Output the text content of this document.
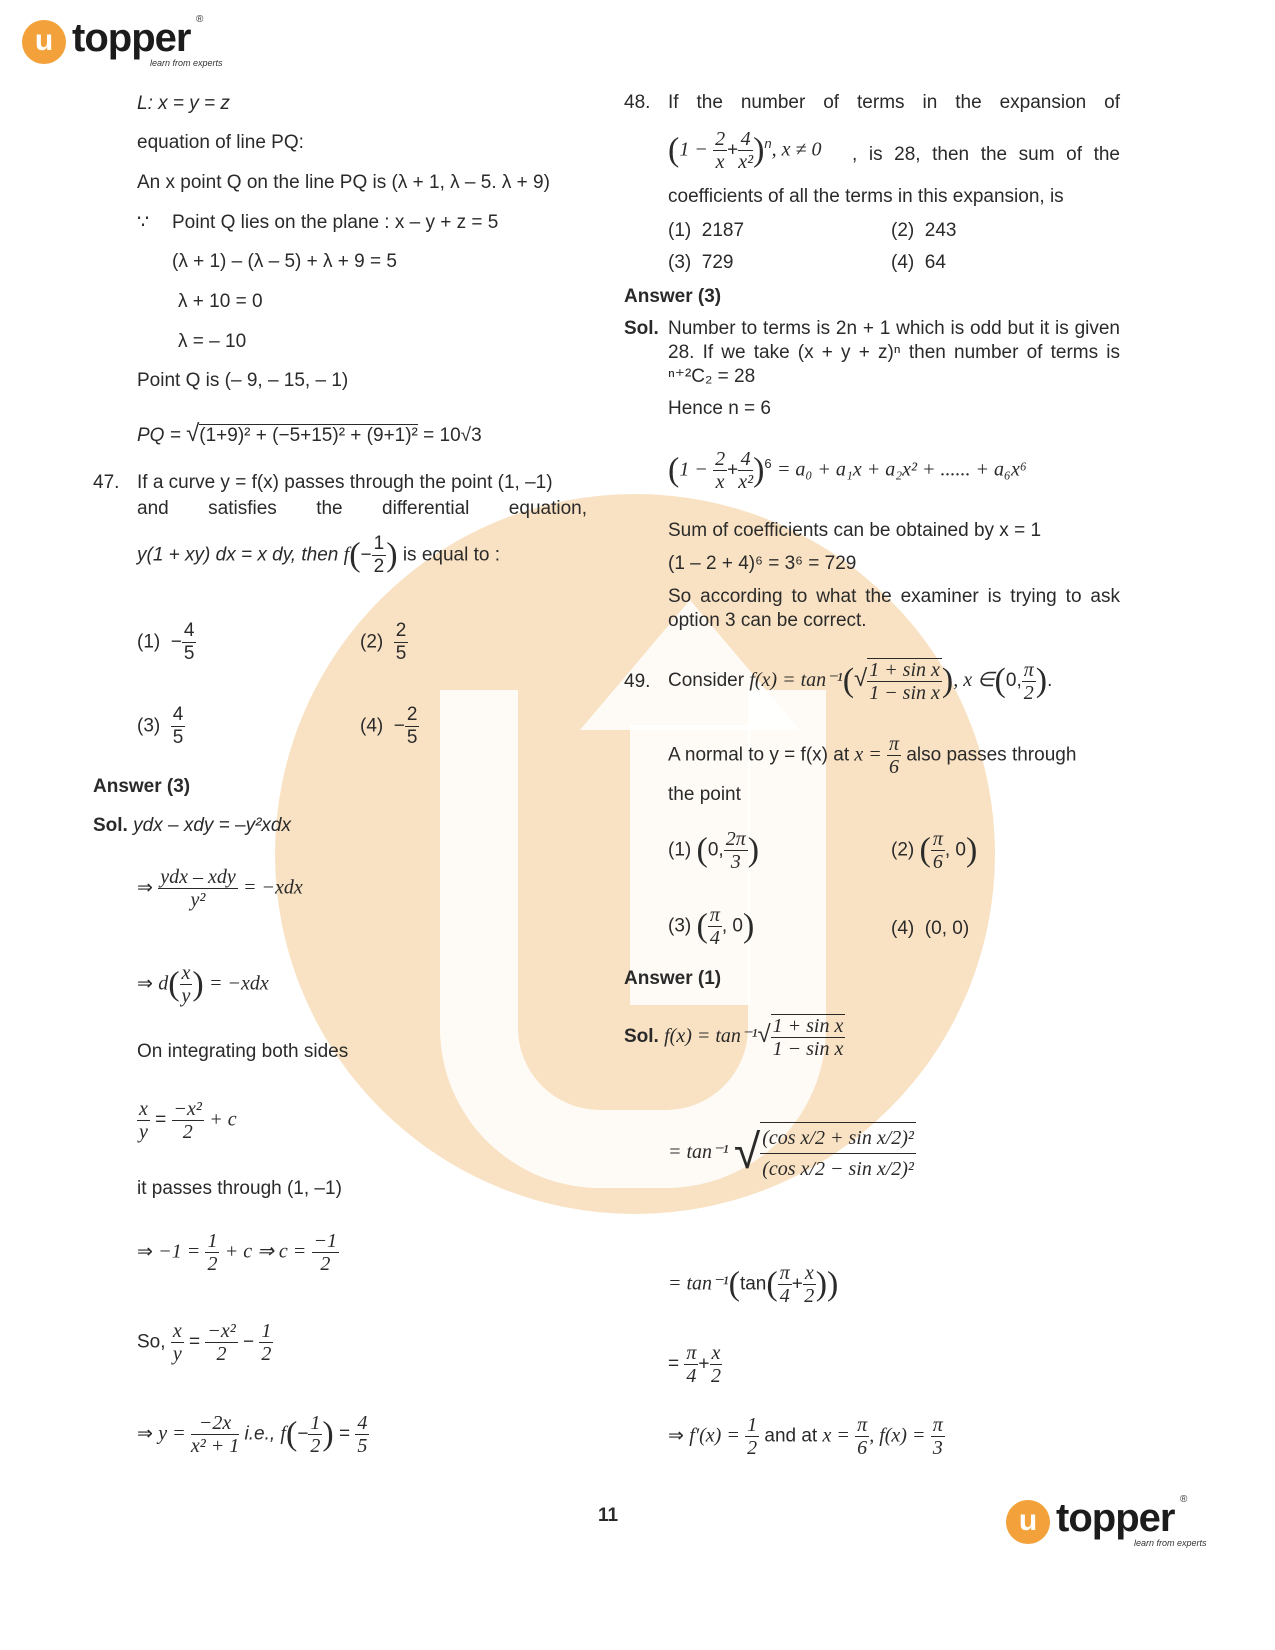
u topper ®
learn from experts
L: x = y = z
equation of line PQ:
An x point Q on the line PQ is (λ + 1, λ – 5. λ + 9)
∵ Point Q lies on the plane : x – y + z = 5
(λ + 1) – (λ – 5) + λ + 9 = 5
λ + 10 = 0
λ = – 10
Point Q is (– 9, – 15, – 1)
PQ = √(1+9)² + (−5+15)² + (9+1)² = 10√3
47. If a curve y = f(x) passes through the point (1, –1)
and satisfies the differential equation,
y(1 + xy) dx = x dy, then $f(- \frac{1}{2}$ ) is equal to :
$(1) - \frac{4}{5}$	$(2) \frac{2}{5}$
$(3) \frac{4}{5}$	$(4) - \frac{2}{5}$
Answer (3)
Sol. ydx – xdy = –y²xdx
⇒ $\frac{\text{ydx – xdy}}{\text{y²}} = -xdx$
⇒ $d( \frac{x}{y}$ ) = −xdx
On integrating both sides
$\frac{x}{y} = \frac{\text{−x²}}{2} + c$
it passes through (1, –1)
⇒ $-1 = \frac{1}{2} + c$ ⇒ $c = \frac{-1}{2}$
So, $\frac{x}{y} = \frac{\text{−x²}}{2} - \frac{1}{2}$
⇒ $y = \frac{-2x}{\text{x² + 1}} i.e$., $f(- \frac{1}{2}$ ) = $\frac{4}{5}$
48. If the number of terms in the expansion of
$(1 - \frac{2}{x} + \frac{4}{\text{x²}} )^n$, x ≠ 0 , is 28, then the sum of the
coefficients of all the terms in this expansion, is
(1) 2187	(2) 243
(3) 729	(4) 64
Answer (3)
Sol. Number to terms is 2n + 1 which is odd but it is given 28. If we take (x + y + z)ⁿ then number of terms is ⁿ⁺²C₂ = 28
Hence n = 6
$(1 - \frac{2}{x} + \frac{4}{\text{x²}} )^6 = a_0 + a_1x + a_2x^2$ + ...... + a₆x⁶
Sum of coefficients can be obtained by x = 1
(1 – 2 + 4)⁶ = 3⁶ = 729
So according to what the examiner is trying to ask option 3 can be correct.
49. Consider $f(x) = \tan^{-1}(√ \frac{\text{1 + sin x}}{\text{1 − sin x}}$ ), x ∈(0, $\frac{\pi}{2}$ ).
A normal to y = f(x) at $x = \frac{\pi}{6}$ also passes through
the point
(1) (0, $\frac{2\pi}{3}$ )	(2) ( $\frac{\pi}{6}$ , 0)
(3) ( $\frac{\pi}{4}$ , 0)	(4) (0, 0)
Answer (1)
Sol. $f(x) = \tan^{-1}√ \frac{\text{1 + sin x}}{\text{1 − sin x}}$
= tan⁻¹ √ $\frac{\text{(cos x/2 + sin x/2)²}}{\text{(cos x/2 − sin x/2)²}}$
= $\tan^{-1}(\tan( \frac{\pi}{4} + \frac{x}{2}$ ))
= $\frac{\pi}{4} + \frac{x}{2}$
⇒ $f'(x) = \frac{1}{2}$ and at $x = \frac{\pi}{6}$ , $f(x) = \frac{\pi}{3}$
11	u topper ®
learn from experts
